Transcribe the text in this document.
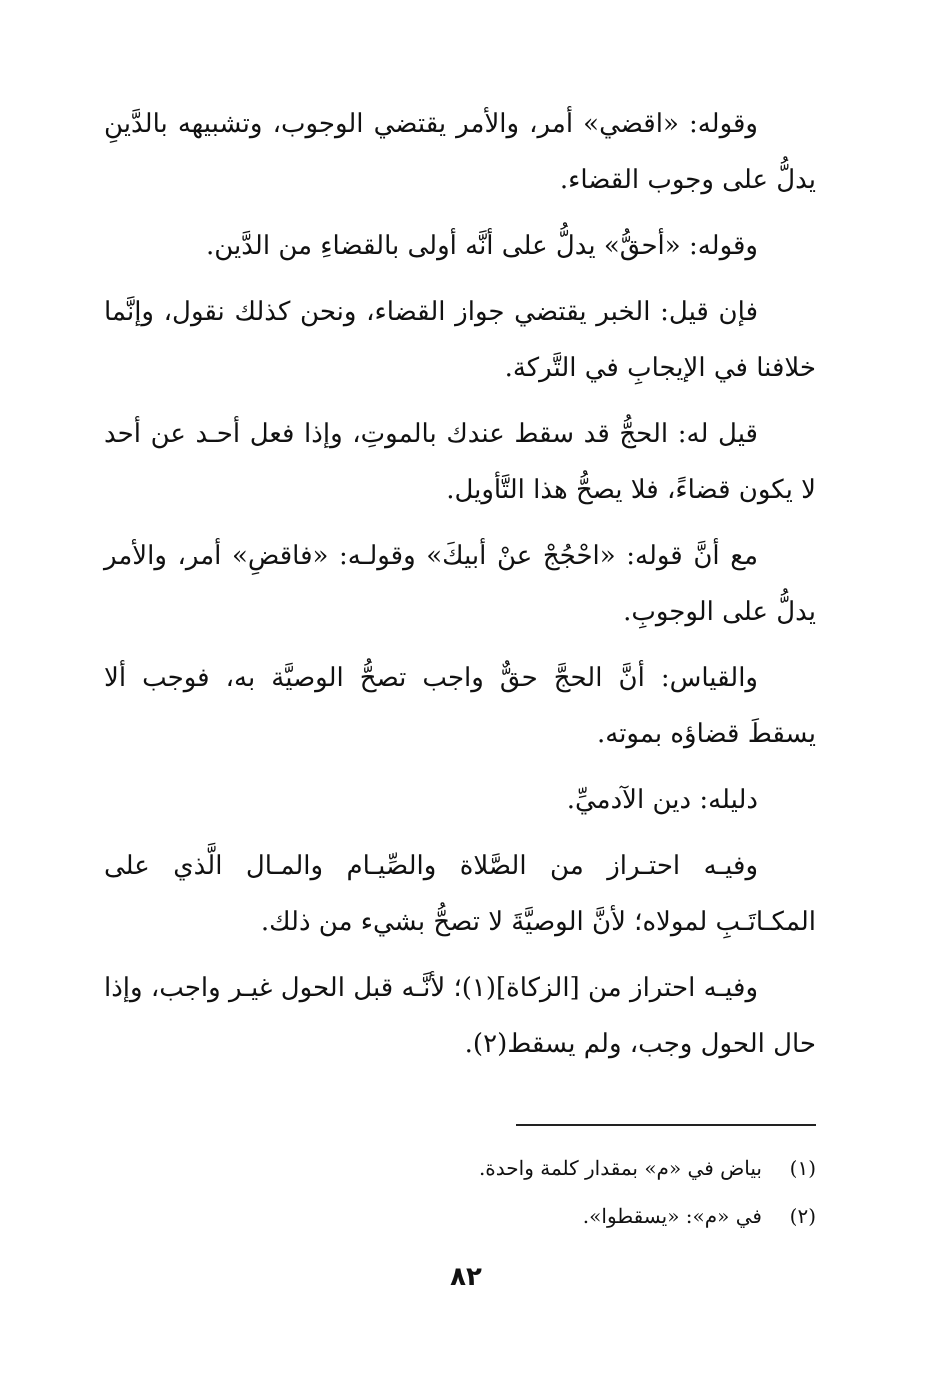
وقوله: «اقضي» أمر، والأمر يقتضي الوجوب، وتشبيهه بالدَّينِ يدلُّ على وجوب القضاء.

وقوله: «أحقُّ» يدلُّ على أنَّه أولى بالقضاءِ من الدَّين.

فإن قيل: الخبر يقتضي جواز القضاء، ونحن كذلك نقول، وإنَّما خلافنا في الإيجابِ في التَّركة.

قيل له: الحجُّ قد سقط عندك بالموتِ، وإذا فعل أحـد عن أحد لا يكون قضاءً، فلا يصحُّ هذا التَّأويل.

مع أنَّ قوله: «احْجُجْ عنْ أبيكَ» وقولـه: «فاقضِ» أمر، والأمر يدلُّ على الوجوبِ.

والقياس: أنَّ الحجَّ حقٌّ واجب تصحُّ الوصيَّة به، فوجب ألا يسقطَ قضاؤه بموته.

دليله: دين الآدميِّ.

وفيـه احتـراز من الصَّلاة والصِّيـام والمـال الَّذي على المكـاتَـبِ لمولاه؛ لأنَّ الوصيَّةَ لا تصحُّ بشيء من ذلك.

وفيـه احتراز من [الزكاة](١)؛ لأنَّـه قبل الحول غيـر واجب، وإذا حال الحول وجب، ولم يسقط(٢).

(١)بياض في «م» بمقدار كلمة واحدة.

(٢)في «م»: «يسقطوا».

٨٢
